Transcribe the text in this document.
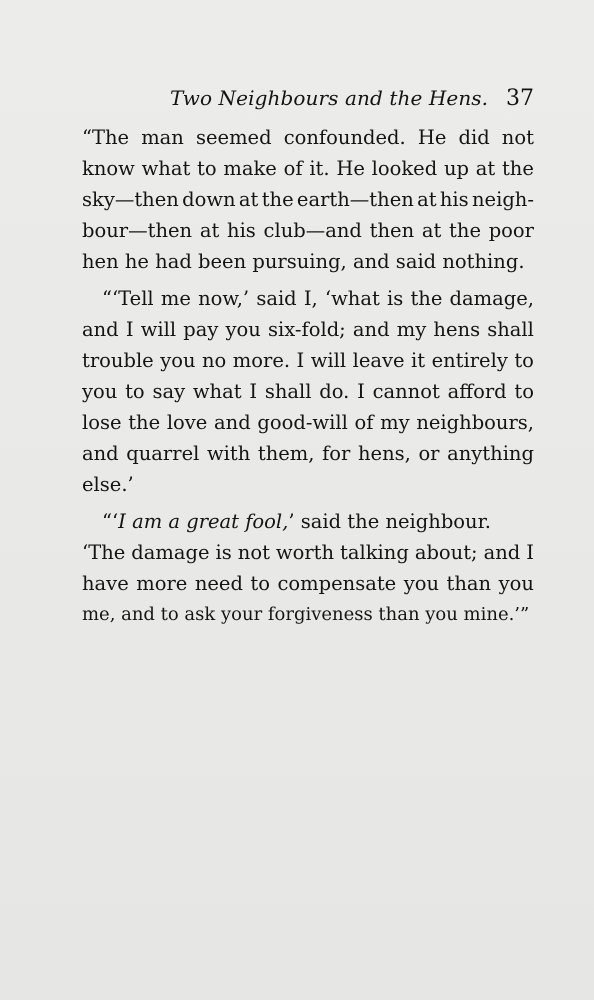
Two Neighbours and the Hens. 37
“The man seemed confounded. He did not
know what to make of it. He looked up at the
sky—then down at the earth—then at his neigh-
bour—then at his club—and then at the poor
hen he had been pursuing, and said nothing.
“‘Tell me now,’ said I, ‘what is the damage,
and I will pay you six-fold; and my hens shall
trouble you no more. I will leave it entirely to
you to say what I shall do. I cannot afford to
lose the love and good-will of my neighbours,
and quarrel with them, for hens, or anything
else.’
“‘I am a great fool,’ said the neighbour.
‘The damage is not worth talking about; and I
have more need to compensate you than you
me, and to ask your forgiveness than you mine.’”
